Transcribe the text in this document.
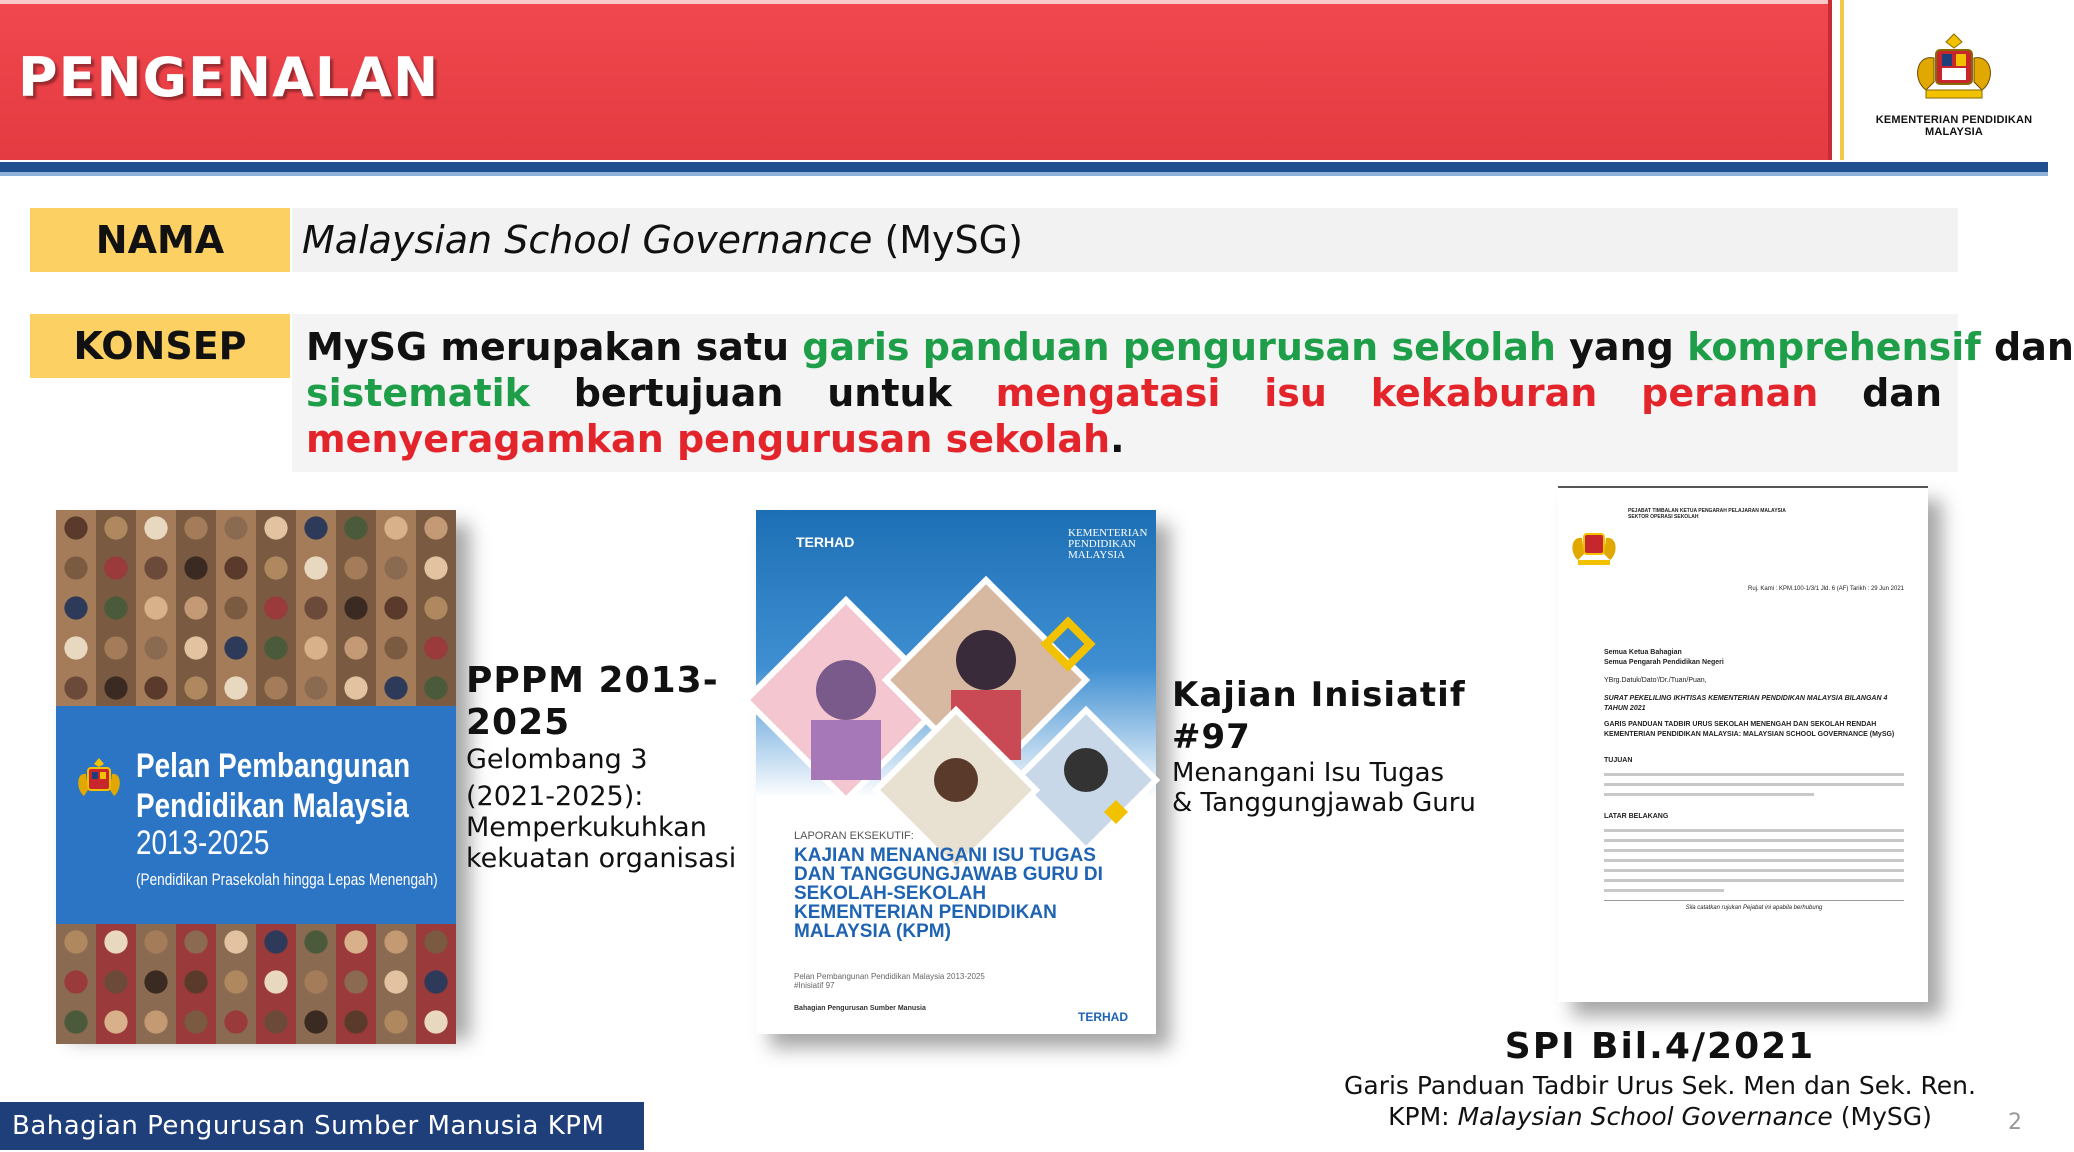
PENGENALAN
KEMENTERIAN PENDIDIKAN MALAYSIA
NAMA	Malaysian School Governance (MySG)
KONSEP	MySG merupakan satu garis panduan pengurusan sekolah yang komprehensif dan
sistematik bertujuan untuk mengatasi isu kekaburan peranan dan
menyeragamkan pengurusan sekolah.
Pelan Pembangunan
Pendidikan Malaysia
2013-2025
(Pendidikan Prasekolah hingga Lepas Menengah)
PPPM 2013-2025
Gelombang 3
(2021-2025):
Memperkukuhkan kekuatan organisasi
TERHAD
KEMENTERIAN PENDIDIKAN MALAYSIA
LAPORAN EKSEKUTIF:
KAJIAN MENANGANI ISU TUGAS DAN TANGGUNGJAWAB GURU DI SEKOLAH-SEKOLAH KEMENTERIAN PENDIDIKAN MALAYSIA (KPM)
Pelan Pembangunan Pendidikan Malaysia 2013-2025 #Inisiatif 97
Bahagian Pengurusan Sumber Manusia
TERHAD
Kajian Inisiatif #97
Menangani Isu Tugas
& Tanggungjawab Guru
PEJABAT TIMBALAN KETUA PENGARAH PELAJARAN MALAYSIA
SEKTOR OPERASI SEKOLAH
Ruj. Kami : KPM.100-1/3/1 Jld. 6 (AF) Tarikh : 29 Jun 2021
Semua Ketua Bahagian
Semua Pengarah Pendidikan Negeri
YBrg.Datuk/Dato'/Dr./Tuan/Puan,
SURAT PEKELILING IKHTISAS KEMENTERIAN PENDIDIKAN MALAYSIA BILANGAN 4 TAHUN 2021
GARIS PANDUAN TADBIR URUS SEKOLAH MENENGAH DAN SEKOLAH RENDAH KEMENTERIAN PENDIDIKAN MALAYSIA: MALAYSIAN SCHOOL GOVERNANCE (MySG)
TUJUAN
LATAR BELAKANG
Sila catatkan rujukan Pejabat ini apabila berhubung
SPI Bil.4/2021
Garis Panduan Tadbir Urus Sek. Men dan Sek. Ren.
KPM: Malaysian School Governance (MySG)
Bahagian Pengurusan Sumber Manusia KPM	2
